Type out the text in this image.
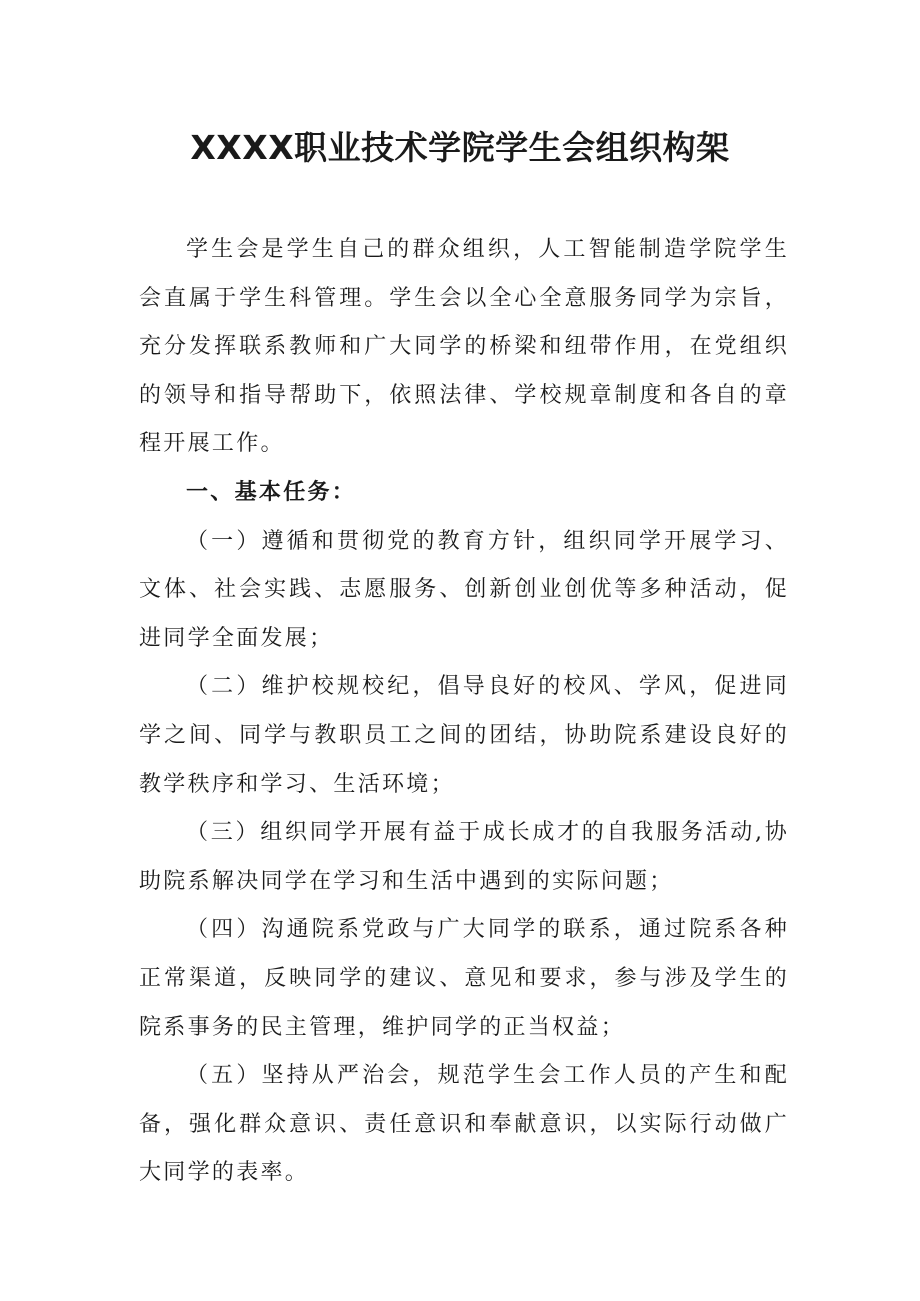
XXXX职业技术学院学生会组织构架

学生会是学生自己的群众组织，人工智能制造学院学生会直属于学生科管理。学生会以全心全意服务同学为宗旨，充分发挥联系教师和广大同学的桥梁和纽带作用，在党组织的领导和指导帮助下，依照法律、学校规章制度和各自的章程开展工作。

一、基本任务：

（一）遵循和贯彻党的教育方针，组织同学开展学习、文体、社会实践、志愿服务、创新创业创优等多种活动，促进同学全面发展；

（二）维护校规校纪，倡导良好的校风、学风，促进同学之间、同学与教职员工之间的团结，协助院系建设良好的教学秩序和学习、生活环境；

（三）组织同学开展有益于成长成才的自我服务活动,协助院系解决同学在学习和生活中遇到的实际问题；

（四）沟通院系党政与广大同学的联系，通过院系各种正常渠道，反映同学的建议、意见和要求，参与涉及学生的院系事务的民主管理，维护同学的正当权益；

（五）坚持从严治会，规范学生会工作人员的产生和配备，强化群众意识、责任意识和奉献意识，以实际行动做广大同学的表率。
